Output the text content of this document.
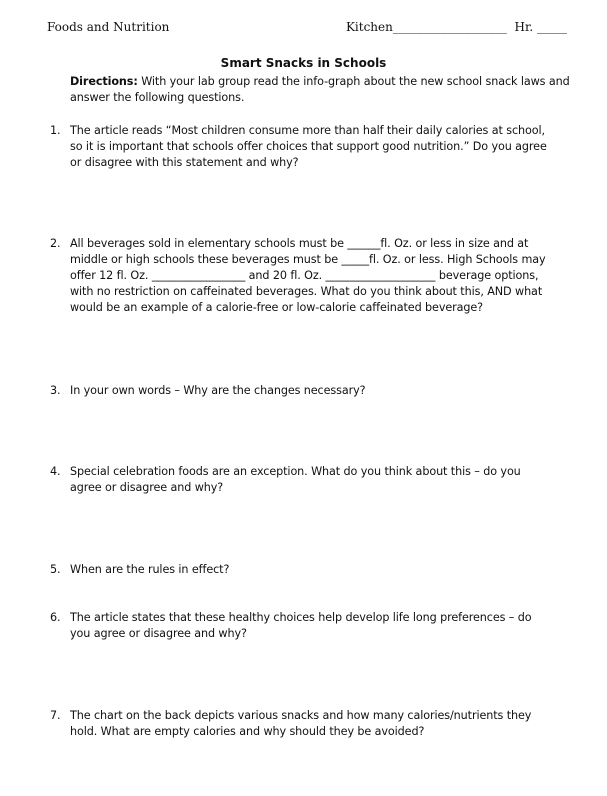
Foods and Nutrition	Kitchen___________________  Hr. _____
Smart Snacks in Schools
Directions: With your lab group read the info-graph about the new school snack laws and answer the following questions.
1. The article reads “Most children consume more than half their daily calories at school, so it is important that schools offer choices that support good nutrition.” Do you agree or disagree with this statement and why?
2. All beverages sold in elementary schools must be ______fl. Oz. or less in size and at middle or high schools these beverages must be _____fl. Oz. or less. High Schools may offer 12 fl. Oz. _________________ and 20 fl. Oz. ____________________ beverage options, with no restriction on caffeinated beverages. What do you think about this, AND what would be an example of a calorie-free or low-calorie caffeinated beverage?
3. In your own words – Why are the changes necessary?
4. Special celebration foods are an exception. What do you think about this – do you agree or disagree and why?
5. When are the rules in effect?
6. The article states that these healthy choices help develop life long preferences – do you agree or disagree and why?
7. The chart on the back depicts various snacks and how many calories/nutrients they hold. What are empty calories and why should they be avoided?
